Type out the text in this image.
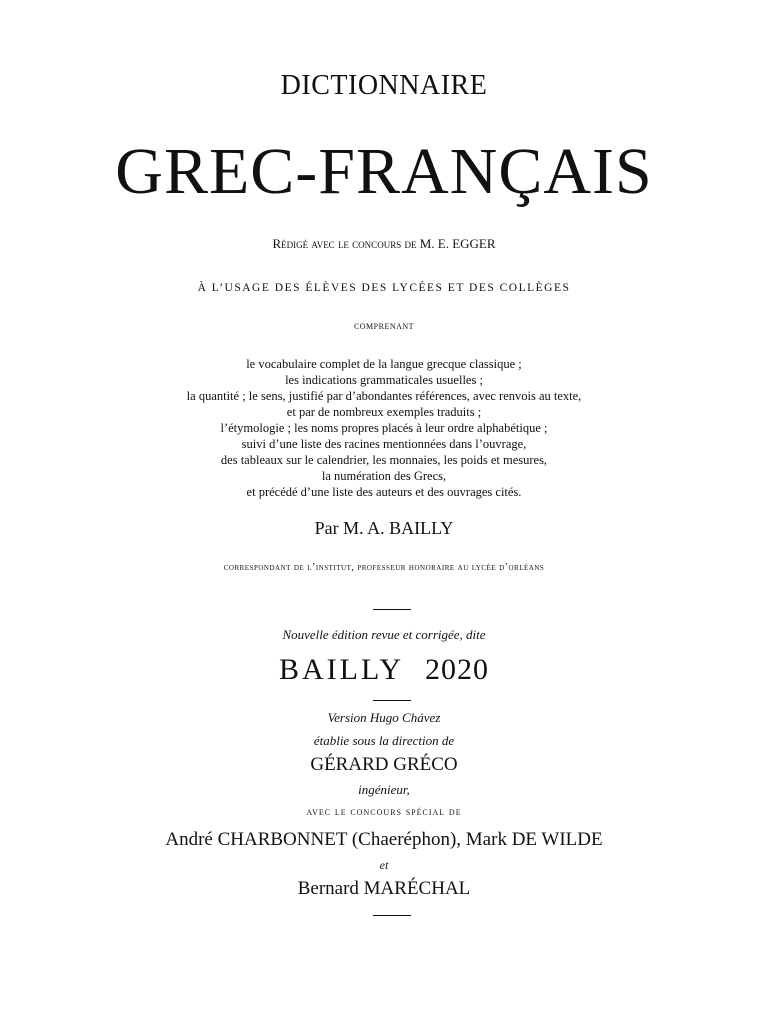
DICTIONNAIRE
GREC-FRANÇAIS
Rédigé avec le concours de M. E. EGGER
À L’USAGE DES ÉLÈVES DES LYCÉES ET DES COLLÈGES
comprenant
le vocabulaire complet de la langue grecque classique ;
les indications grammaticales usuelles ;
la quantité ; le sens, justifié par d’abondantes références, avec renvois au texte,
et par de nombreux exemples traduits ;
l’étymologie ; les noms propres placés à leur ordre alphabétique ;
suivi d’une liste des racines mentionnées dans l’ouvrage,
des tableaux sur le calendrier, les monnaies, les poids et mesures,
la numération des Grecs,
et précédé d’une liste des auteurs et des ouvrages cités.
Par M. A. BAILLY
correspondant de l’institut, professeur honoraire au lycée d’orléans
Nouvelle édition revue et corrigée, dite
BAILLY 2020
Version Hugo Chávez
établie sous la direction de
GÉRARD GRÉCO
ingénieur,
avec le concours spécial de
André CHARBONNET (Chaeréphon), Mark DE WILDE
et
Bernard MARÉCHAL
